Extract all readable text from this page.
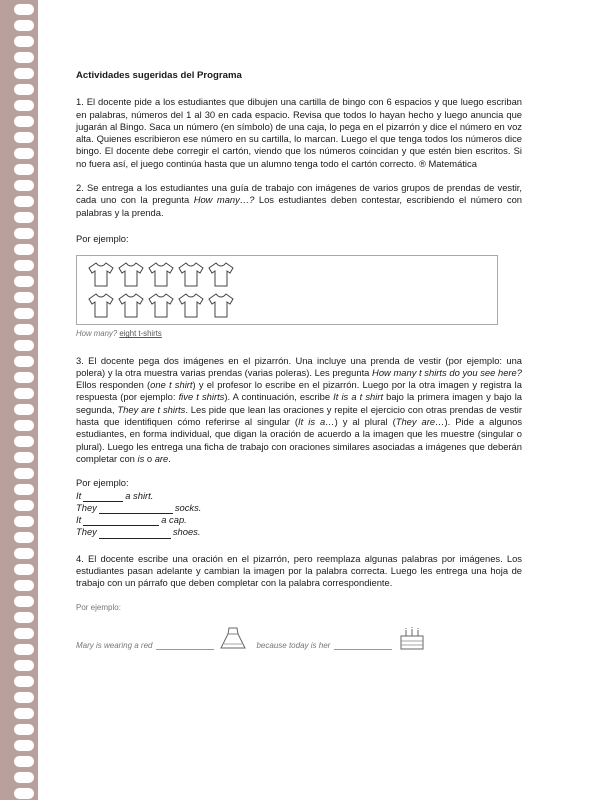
Actividades sugeridas del Programa

1. El docente pide a los estudiantes que dibujen una cartilla de bingo con 6 espacios y que luego escriban en palabras, números del 1 al 30 en cada espacio. Revisa que todos lo hayan hecho y luego anuncia que jugarán al Bingo. Saca un número (en símbolo) de una caja, lo pega en el pizarrón y dice el número en voz alta. Quienes escribieron ese número en su cartilla, lo marcan. Luego el que tenga todos los números dice bingo. El docente debe corregir el cartón, viendo que los números coincidan y que estén bien escritos. Si no fuera así, el juego continúa hasta que un alumno tenga todo el cartón correcto. ® Matemática

2. Se entrega a los estudiantes una guía de trabajo con imágenes de varios grupos de prendas de vestir, cada uno con la pregunta How many…? Los estudiantes deben contestar, escribiendo el número con palabras y la prenda.

Por ejemplo:
How many? eight t-shirts

3. El docente pega dos imágenes en el pizarrón. Una incluye una prenda de vestir (por ejemplo: una polera) y la otra muestra varias prendas (varias poleras). Les pregunta How many t shirts do you see here? Ellos responden (one t shirt) y el profesor lo escribe en el pizarrón. Luego por la otra imagen y registra la respuesta (por ejemplo: five t shirts). A continuación, escribe It is a t shirt bajo la primera imagen y bajo la segunda, They are t shirts. Les pide que lean las oraciones y repite el ejercicio con otras prendas de vestir hasta que identifiquen cómo referirse al singular (It is a…) y al plural (They are…). Pide a algunos estudiantes, en forma individual, que digan la oración de acuerdo a la imagen que les muestre (singular o plural). Luego les entrega una ficha de trabajo con oraciones similares asociadas a imágenes que deberán completar con is o are.

Por ejemplo:
It	a shirt.
They	socks.
It	a cap.
They	shoes.

4. El docente escribe una oración en el pizarrón, pero reemplaza algunas palabras por imágenes. Los estudiantes pasan adelante y cambian la imagen por la palabra correcta. Luego les entrega una hoja de trabajo con un párrafo que deben completar con la palabra correspondiente.

Por ejemplo:
Mary is wearing a red	because today is her
